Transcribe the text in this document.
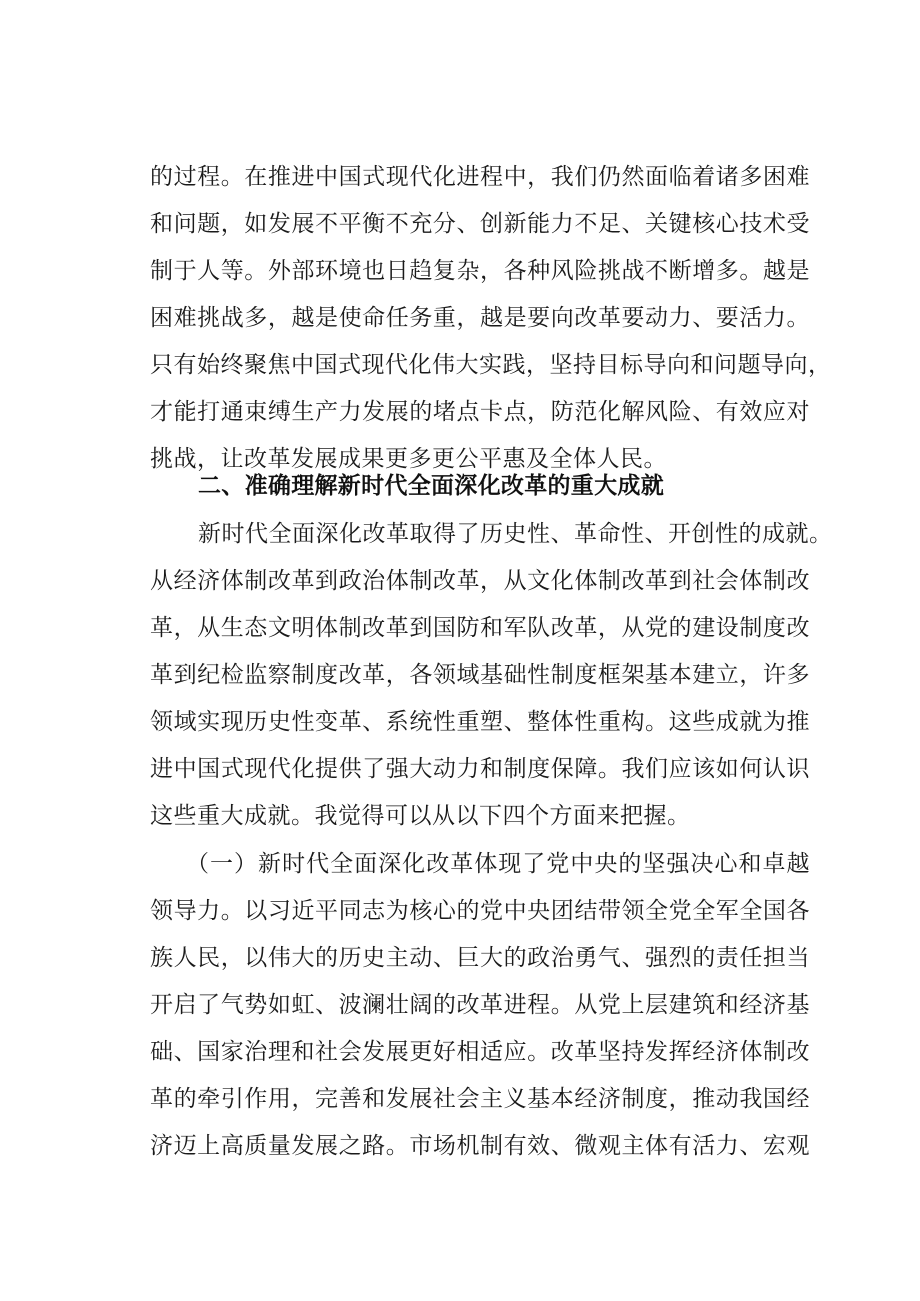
的过程。在推进中国式现代化进程中，我们仍然面临着诸多困难
和问题，如发展不平衡不充分、创新能力不足、关键核心技术受
制于人等。外部环境也日趋复杂，各种风险挑战不断增多。越是
困难挑战多，越是使命任务重，越是要向改革要动力、要活力。
只有始终聚焦中国式现代化伟大实践，坚持目标导向和问题导向，
才能打通束缚生产力发展的堵点卡点，防范化解风险、有效应对
挑战，让改革发展成果更多更公平惠及全体人民。
二、准确理解新时代全面深化改革的重大成就
新时代全面深化改革取得了历史性、革命性、开创性的成就。
从经济体制改革到政治体制改革，从文化体制改革到社会体制改
革，从生态文明体制改革到国防和军队改革，从党的建设制度改
革到纪检监察制度改革，各领域基础性制度框架基本建立，许多
领域实现历史性变革、系统性重塑、整体性重构。这些成就为推
进中国式现代化提供了强大动力和制度保障。我们应该如何认识
这些重大成就。我觉得可以从以下四个方面来把握。
（一）新时代全面深化改革体现了党中央的坚强决心和卓越
领导力。以习近平同志为核心的党中央团结带领全党全军全国各
族人民，以伟大的历史主动、巨大的政治勇气、强烈的责任担当
开启了气势如虹、波澜壮阔的改革进程。从党上层建筑和经济基
础、国家治理和社会发展更好相适应。改革坚持发挥经济体制改
革的牵引作用，完善和发展社会主义基本经济制度，推动我国经
济迈上高质量发展之路。市场机制有效、微观主体有活力、宏观
